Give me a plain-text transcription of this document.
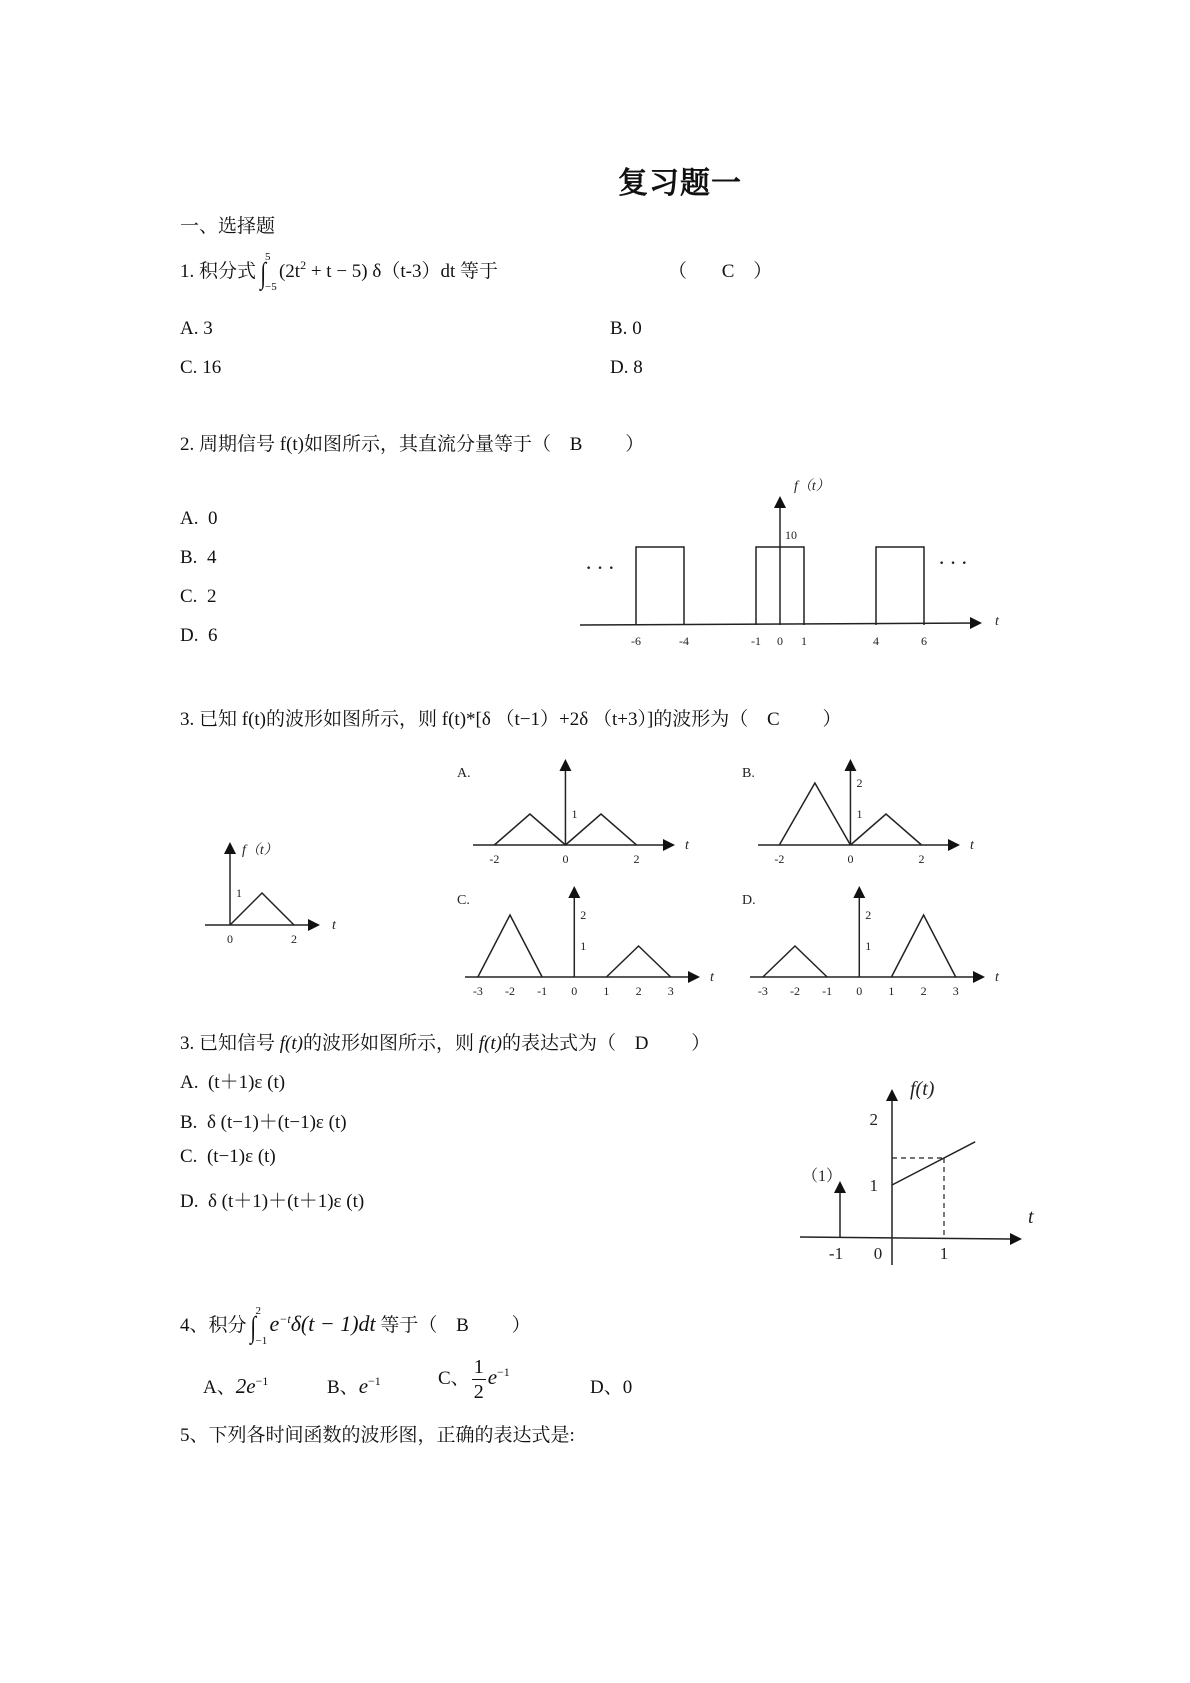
复习题一
一、选择题
1. 积分式 ∫ 5
−5
$(2t^2 + t - 5)$ δ（t-3）dt 等于	（ C ）
A. 3	B. 0
C. 16	D. 8
2. 周期信号 f(t)如图所示，其直流分量等于（ B ）
A. 0
B. 4
C. 2
D. 6
t
f（t）
10
-6	-4	-1 0 1	4	6
···	···
3. 已知 f(t)的波形如图所示，则 f(t)*[δ （t−1）+2δ （t+3）]的波形为（ C ）
t
f（t）
1
0	2
t
A.
-2	0	2
1
t
B.
-2	0	2
1
2
t
C.
-3 -2 -1 0 1 2 3
1
2
t
D.
-3 -2 -1 0 1 2 3
1
2
3. 已知信号 f(t)的波形如图所示，则 f(t)的表达式为（ D ）
A. (t＋1)ε (t)
B. δ (t−1)＋(t−1)ε (t)
C. (t−1)ε (t)
D. δ (t＋1)＋(t＋1)ε (t)
t
f(t)
（1） 1
2
-1 0	1
4、积分 ∫ 2
−1
$e^{-t}\delta(t - 1)dt$ 等于（ B ）
A、$2e^{-1}$	B、$e^{-1}$	C、 $\frac{1}{2} e^{-1}$
D、0
5、下列各时间函数的波形图，正确的表达式是:
